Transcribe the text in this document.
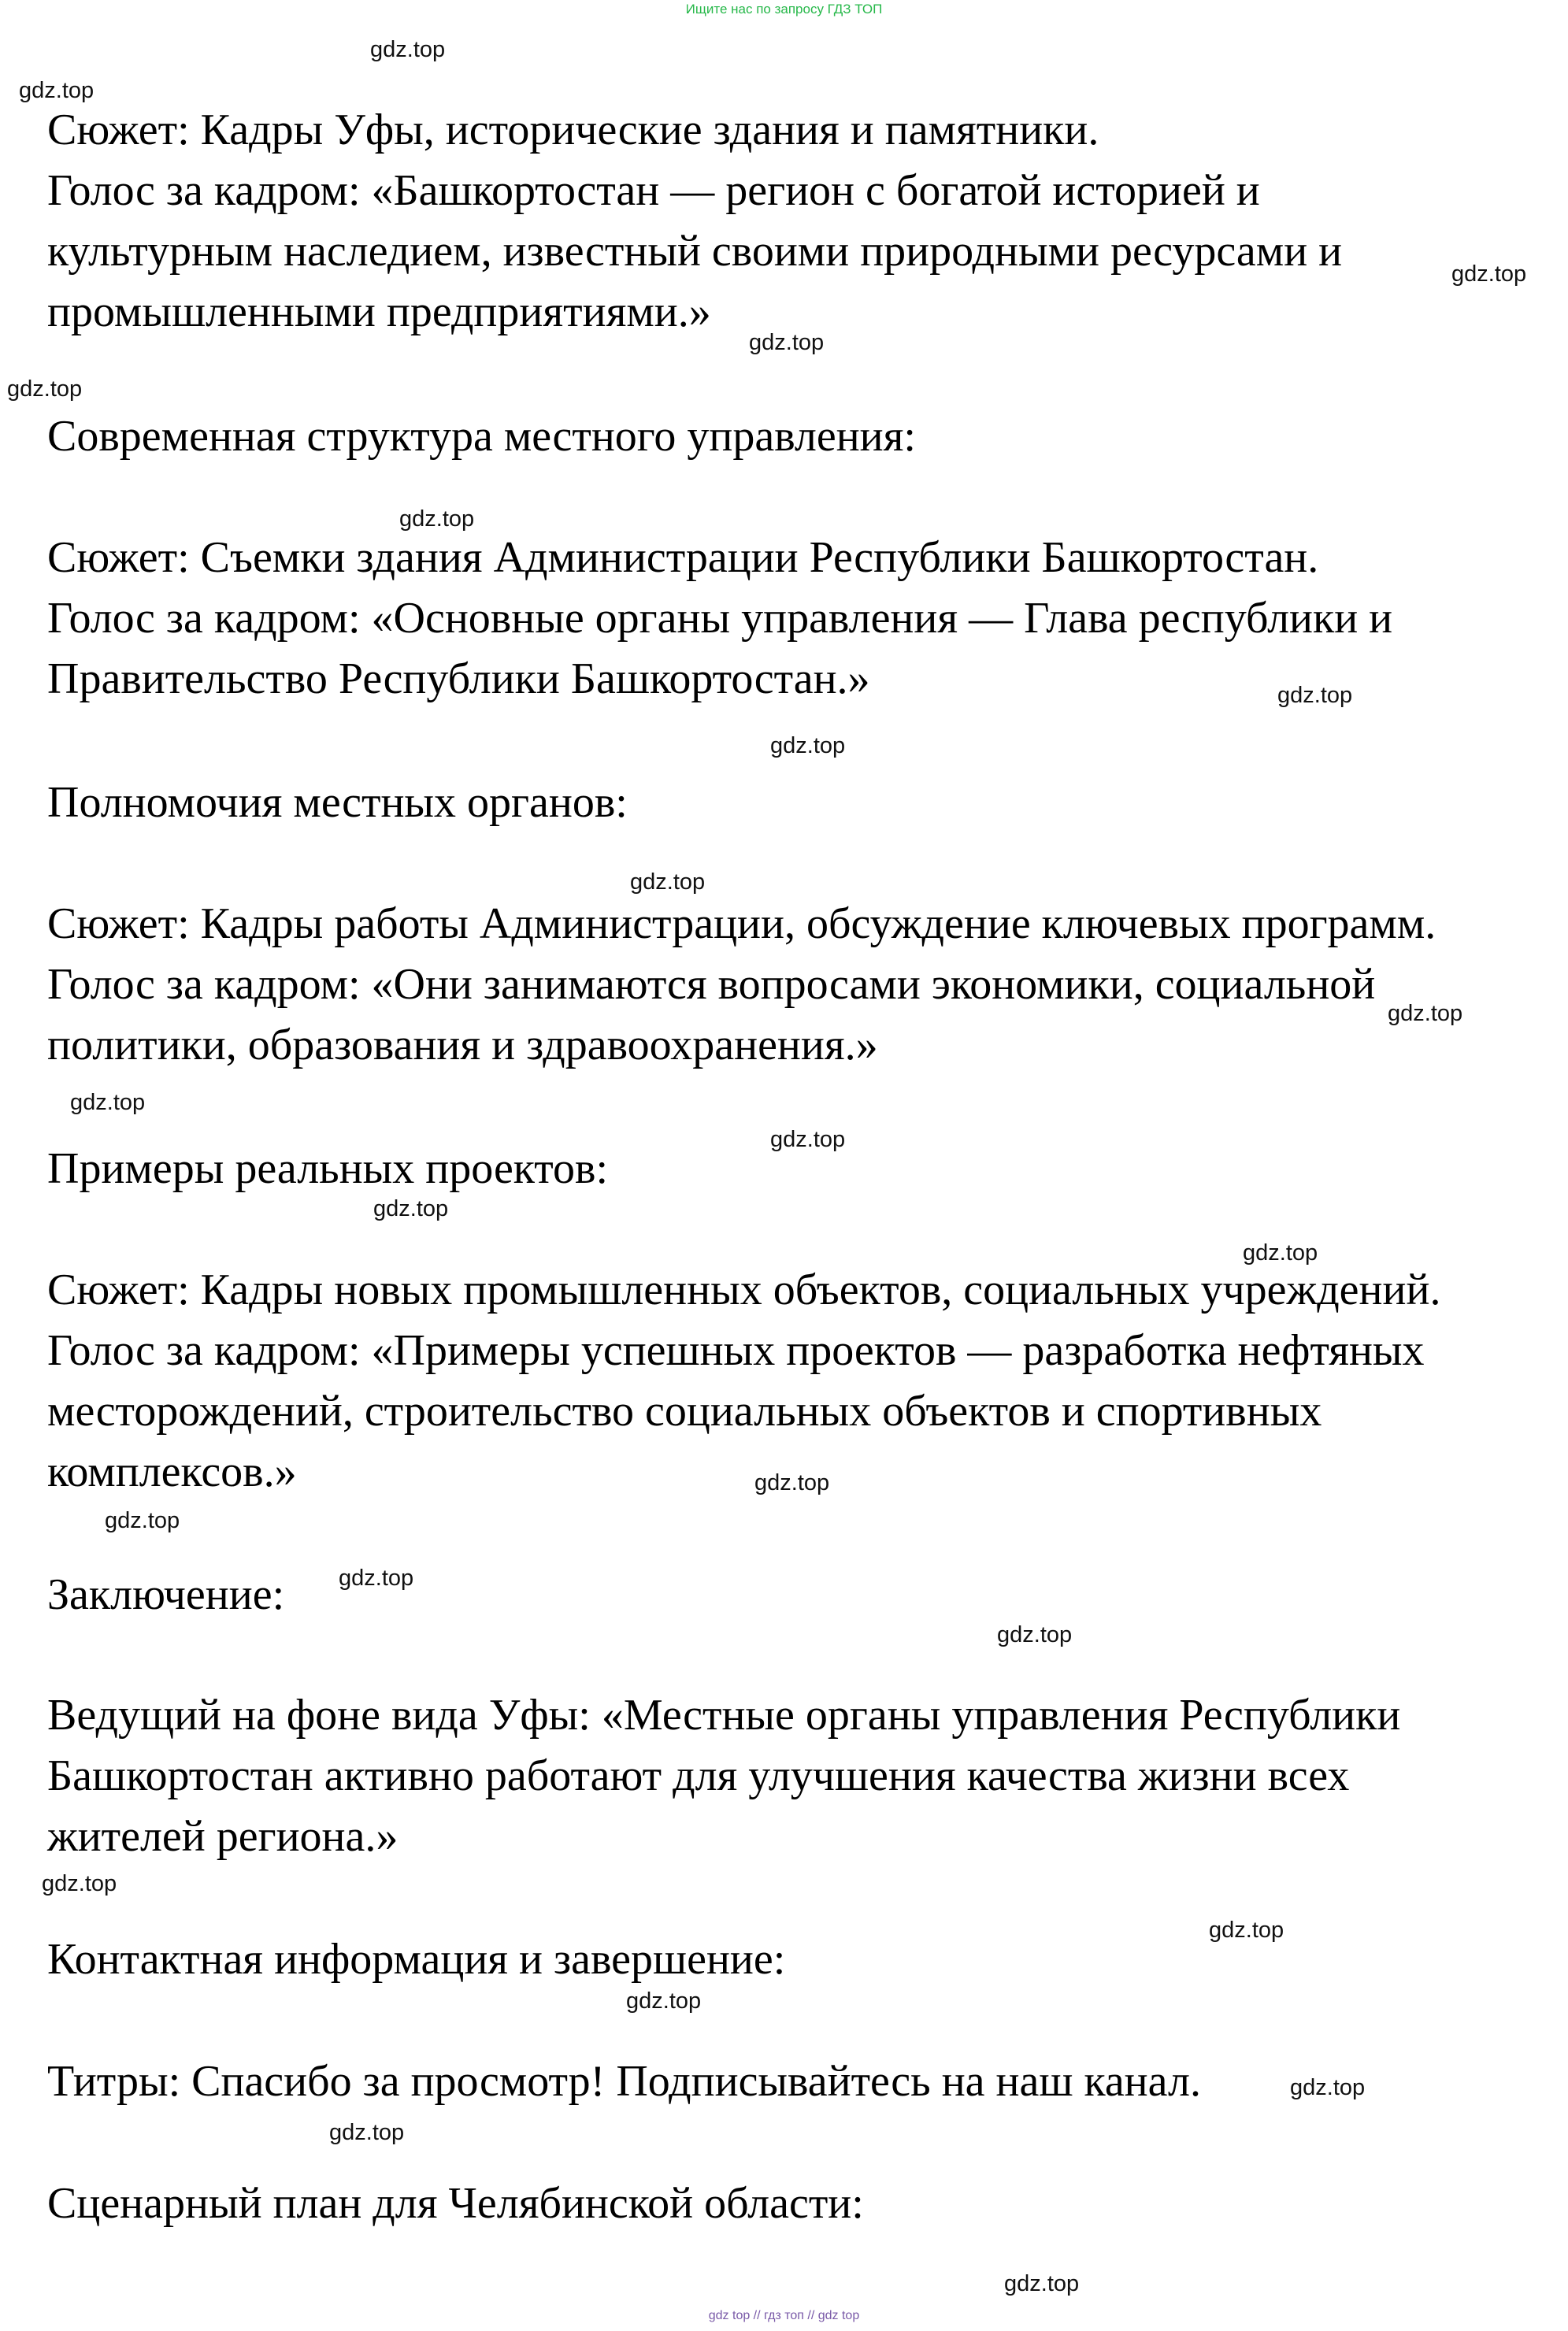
Ищите нас по запросу ГДЗ ТОП
Сюжет: Кадры Уфы, исторические здания и памятники.
Голос за кадром: «Башкортостан — регион с богатой историей и
культурным наследием, известный своими природными ресурсами и
промышленными предприятиями.»
Современная структура местного управления:
Сюжет: Съемки здания Администрации Республики Башкортостан.
Голос за кадром: «Основные органы управления — Глава республики и
Правительство Республики Башкортостан.»
Полномочия местных органов:
Сюжет: Кадры работы Администрации, обсуждение ключевых программ.
Голос за кадром: «Они занимаются вопросами экономики, социальной
политики, образования и здравоохранения.»
Примеры реальных проектов:
Сюжет: Кадры новых промышленных объектов, социальных учреждений.
Голос за кадром: «Примеры успешных проектов — разработка нефтяных
месторождений, строительство социальных объектов и спортивных
комплексов.»
Заключение:
Ведущий на фоне вида Уфы: «Местные органы управления Республики
Башкортостан активно работают для улучшения качества жизни всех
жителей региона.»
Контактная информация и завершение:
Титры: Спасибо за просмотр! Подписывайтесь на наш канал.
Сценарный план для Челябинской области:
gdz.top
gdz.top
gdz.top
gdz.top
gdz.top
gdz.top
gdz.top
gdz.top
gdz.top
gdz.top
gdz.top
gdz.top
gdz.top
gdz.top
gdz.top
gdz.top
gdz.top
gdz.top
gdz.top
gdz.top
gdz.top
gdz.top
gdz.top
gdz.top
gdz top // гдз топ // gdz top
